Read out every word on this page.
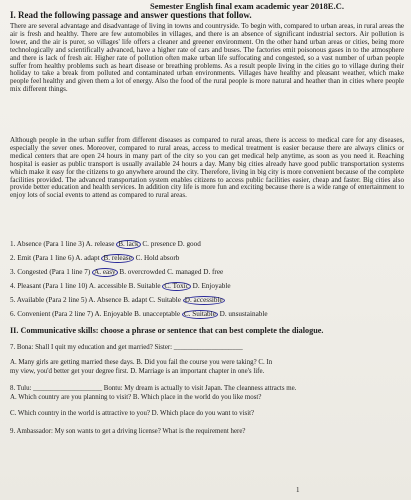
Semester English final exam academic year 2018E.C.
I. Read the following passage and answer questions that follow.
There are several advantage and disadvantage of living in towns and countryside. To begin with, compared to urban areas, in rural areas the air is fresh and healthy. There are few automobiles in villages, and there is an absence of significant industrial sectors. Air pollution is lower, and the air is purer, so villages' life offers a cleaner and greener environment. On the other hand urban areas or cities, being more technologically and scientifically advanced, have a higher rate of cars and buses. The factories emit poisonous gases in to the atmosphere and there is lack of fresh air. Higher rate of pollution often make urban life suffocating and congested, so a vast number of urban people suffer from healthy problems such as heart disease or breathing problems. As a result people living in the cities go to village during their holiday to take a break from polluted and contaminated urban environments. Villages have healthy and pleasant weather, which make people feel healthy and given them a lot of energy. Also the food of the rural people is more natural and heather than in cities where people mix different things.
Although people in the urban suffer from different diseases as compared to rural areas, there is access to medical care for any diseases, especially the sever ones. Moreover, compared to rural areas, access to medical treatment is easier because there are always clinics or medical centers that are open 24 hours in many part of the city so you can get medical help anytime, as soon as you need it. Reaching hospital is easier as public transport is usually available 24 hours a day. Many big cities already have good public transportation systems which make it easy for the citizens to go anywhere around the city. Therefore, living in big city is more convenient because of the complete facilities provided. The advanced transportation system enables citizens to access public facilities easier, cheap and faster. Big cities also provide better education and health services. In addition city life is more fun and exciting because there is a wide range of entertainment to enjoy lots of social events to attend as compared to rural areas.
1. Absence (Para 1 line 3) A. release B. lack C. presence D. good
2. Emit (Para 1 line 6) A. adapt B. release C. Hold absorb
3. Congested (Para 1 line 7) A. easy B. overcrowded C. managed D. free
4. Pleasant (Para 1 line 10) A. accessible B. Suitable C. Toxic D. Enjoyable
5. Available (Para 2 line 5) A. Absence B. adapt C. Suitable D. accessible
6. Convenient (Para 2 line 7) A. Enjoyable B. unacceptable C. Suitable D. unsustainable
II. Communicative skills: choose a phrase or sentence that can best complete the dialogue.
7. Bona: Shall I quit my education and get married? Sister: ____________________
A. Many girls are getting married these days. B. Did you fail the course you were taking? C. In
my view, you'd better get your degree first. D. Marriage is an important chapter in one's life.
8. Tulu: ____________________ Bontu: My dream is actually to visit Japan. The cleanness attracts me.
A. Which country are you planning to visit? B. Which place in the world do you like most?
C. Which country in the world is attractive to you? D. Which place do you want to visit?
9. Ambassador: My son wants to get a driving license? What is the requirement here?
1
